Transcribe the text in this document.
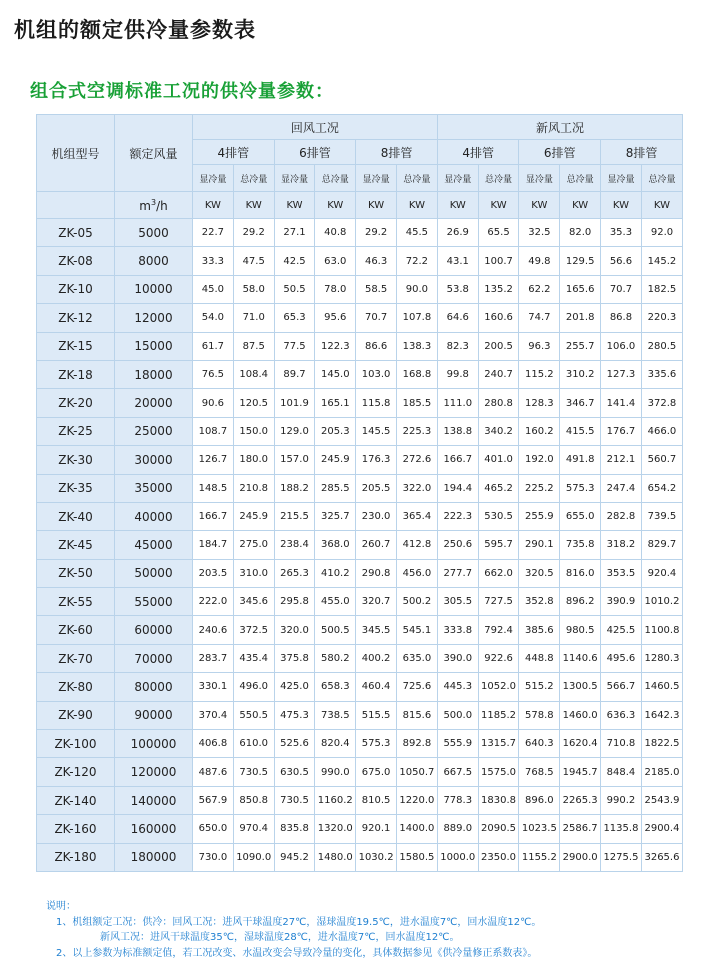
机组的额定供冷量参数表
组合式空调标准工况的供冷量参数：
机组型号	额定风量	回风工况						新风工况					
		4排管		6排管		8排管		4排管		6排管		8排管	
		显冷量	总冷量	显冷量	总冷量	显冷量	总冷量	显冷量	总冷量	显冷量	总冷量	显冷量	总冷量
	$m^3/h$	KW	KW	KW	KW	KW	KW	KW	KW	KW	KW	KW	KW
ZK-05	5000	22.7	29.2	27.1	40.8	29.2	45.5	26.9	65.5	32.5	82.0	35.3	92.0
ZK-08	8000	33.3	47.5	42.5	63.0	46.3	72.2	43.1	100.7	49.8	129.5	56.6	145.2
ZK-10	10000	45.0	58.0	50.5	78.0	58.5	90.0	53.8	135.2	62.2	165.6	70.7	182.5
ZK-12	12000	54.0	71.0	65.3	95.6	70.7	107.8	64.6	160.6	74.7	201.8	86.8	220.3
ZK-15	15000	61.7	87.5	77.5	122.3	86.6	138.3	82.3	200.5	96.3	255.7	106.0	280.5
ZK-18	18000	76.5	108.4	89.7	145.0	103.0	168.8	99.8	240.7	115.2	310.2	127.3	335.6
ZK-20	20000	90.6	120.5	101.9	165.1	115.8	185.5	111.0	280.8	128.3	346.7	141.4	372.8
ZK-25	25000	108.7	150.0	129.0	205.3	145.5	225.3	138.8	340.2	160.2	415.5	176.7	466.0
ZK-30	30000	126.7	180.0	157.0	245.9	176.3	272.6	166.7	401.0	192.0	491.8	212.1	560.7
ZK-35	35000	148.5	210.8	188.2	285.5	205.5	322.0	194.4	465.2	225.2	575.3	247.4	654.2
ZK-40	40000	166.7	245.9	215.5	325.7	230.0	365.4	222.3	530.5	255.9	655.0	282.8	739.5
ZK-45	45000	184.7	275.0	238.4	368.0	260.7	412.8	250.6	595.7	290.1	735.8	318.2	829.7
ZK-50	50000	203.5	310.0	265.3	410.2	290.8	456.0	277.7	662.0	320.5	816.0	353.5	920.4
ZK-55	55000	222.0	345.6	295.8	455.0	320.7	500.2	305.5	727.5	352.8	896.2	390.9	1010.2
ZK-60	60000	240.6	372.5	320.0	500.5	345.5	545.1	333.8	792.4	385.6	980.5	425.5	1100.8
ZK-70	70000	283.7	435.4	375.8	580.2	400.2	635.0	390.0	922.6	448.8	1140.6	495.6	1280.3
ZK-80	80000	330.1	496.0	425.0	658.3	460.4	725.6	445.3	1052.0	515.2	1300.5	566.7	1460.5
ZK-90	90000	370.4	550.5	475.3	738.5	515.5	815.6	500.0	1185.2	578.8	1460.0	636.3	1642.3
ZK-100	100000	406.8	610.0	525.6	820.4	575.3	892.8	555.9	1315.7	640.3	1620.4	710.8	1822.5
ZK-120	120000	487.6	730.5	630.5	990.0	675.0	1050.7	667.5	1575.0	768.5	1945.7	848.4	2185.0
ZK-140	140000	567.9	850.8	730.5	1160.2	810.5	1220.0	778.3	1830.8	896.0	2265.3	990.2	2543.9
ZK-160	160000	650.0	970.4	835.8	1320.0	920.1	1400.0	889.0	2090.5	1023.5	2586.7	1135.8	2900.4
ZK-180	180000	730.0	1090.0	945.2	1480.0	1030.2	1580.5	1000.0	2350.0	1155.2	2900.0	1275.5	3265.6
说明：
1、机组额定工况：供冷：回风工况：进风干球温度27℃，湿球温度19.5℃，进水温度7℃，回水温度12℃。
新风工况：进风干球温度35℃，湿球温度28℃，进水温度7℃，回水温度12℃。
2、以上参数为标准额定值，若工况改变、水温改变会导致冷量的变化，具体数据参见《供冷量修正系数表》。
